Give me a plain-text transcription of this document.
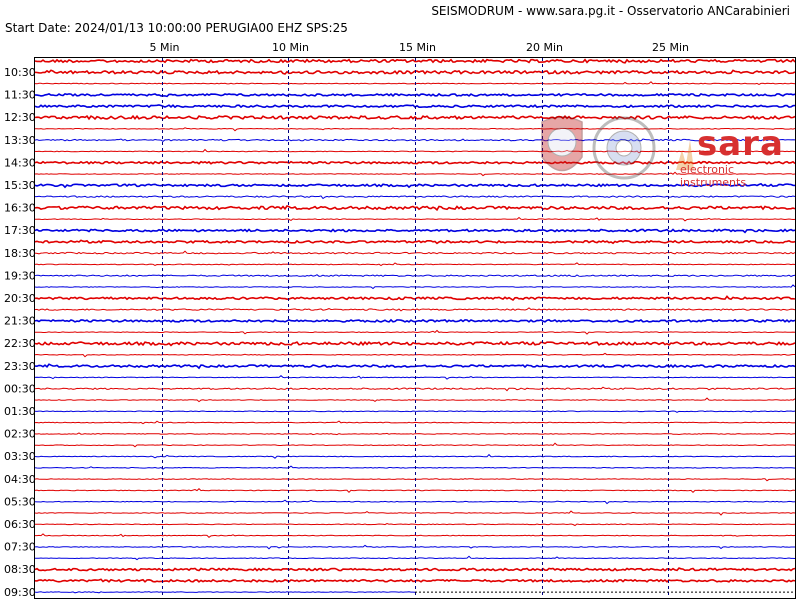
SEISMODRUM - www.sara.pg.it - Osservatorio ANCarabinieri
Start Date: 2024/01/13 10:00:00 PERUGIA00 EHZ SPS:25
5 Min	10 Min	15 Min	20 Min	25 Min
10:30
11:30
12:30
13:30
14:30
15:30
16:30
17:30
18:30
19:30
20:30
21:30
22:30
23:30
00:30
01:30
02:30
03:30
04:30
05:30
06:30
07:30
08:30
09:30
sara
electronic instruments
